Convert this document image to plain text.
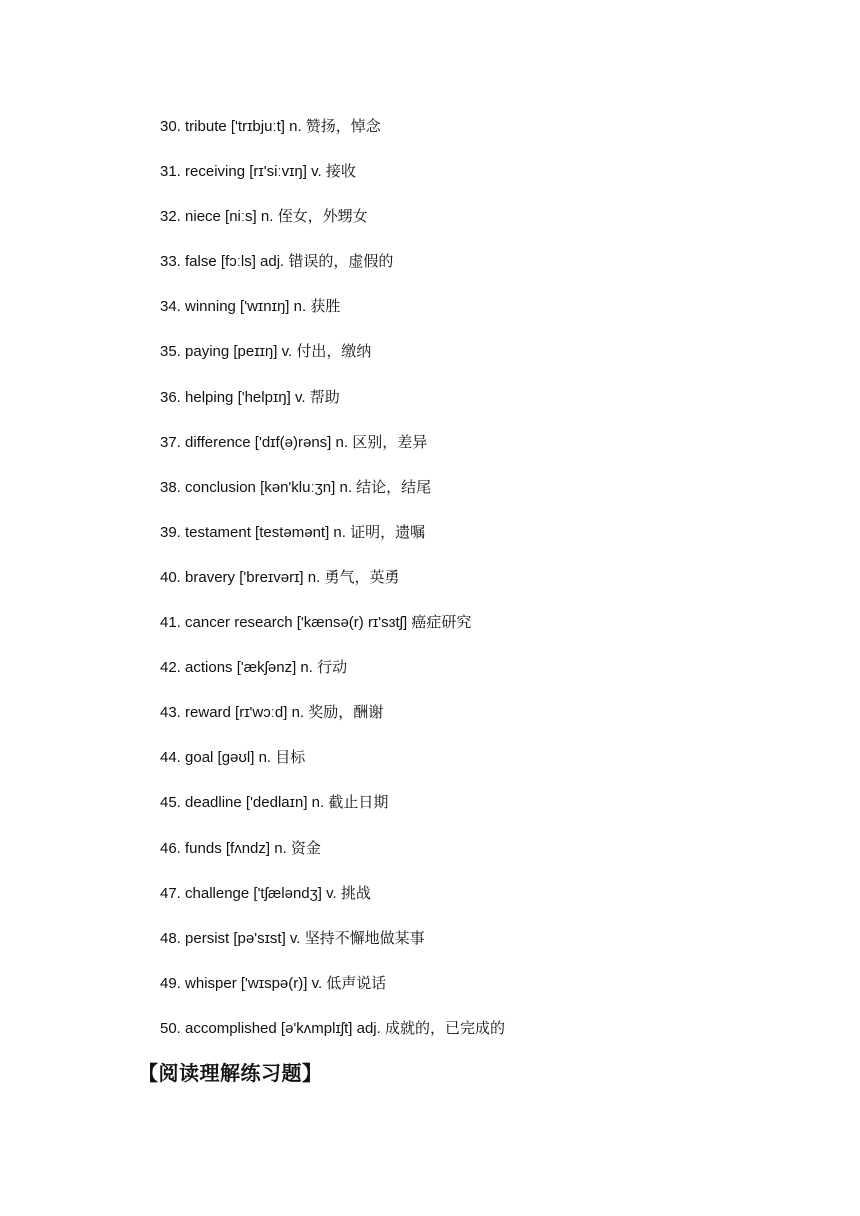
30. tribute ['trɪbjuːt] n. 赞扬，悼念
31. receiving [rɪ'siːvɪŋ] v. 接收
32. niece [niːs] n. 侄女，外甥女
33. false [fɔːls] adj. 错误的，虚假的
34. winning ['wɪnɪŋ] n. 获胜
35. paying [peɪɪŋ] v. 付出，缴纳
36. helping ['helpɪŋ] v. 帮助
37. difference ['dɪf(ə)rəns] n. 区别，差异
38. conclusion [kən'kluːʒn] n. 结论，结尾
39. testament [testəmənt] n. 证明，遗嘱
40. bravery ['breɪvərɪ] n. 勇气，英勇
41. cancer research ['kænsə(r) rɪ'sɜtʃ] 癌症研究
42. actions ['ækʃənz] n. 行动
43. reward [rɪ'wɔːd] n. 奖励，酬谢
44. goal [gəʊl] n. 目标
45. deadline ['dedlaɪn] n. 截止日期
46. funds [fʌndz] n. 资金
47. challenge ['tʃæləndʒ] v. 挑战
48. persist [pə'sɪst] v. 坚持不懈地做某事
49. whisper ['wɪspə(r)] v. 低声说话
50. accomplished [ə'kʌmplɪʃt] adj. 成就的，已完成的
【阅读理解练习题】
